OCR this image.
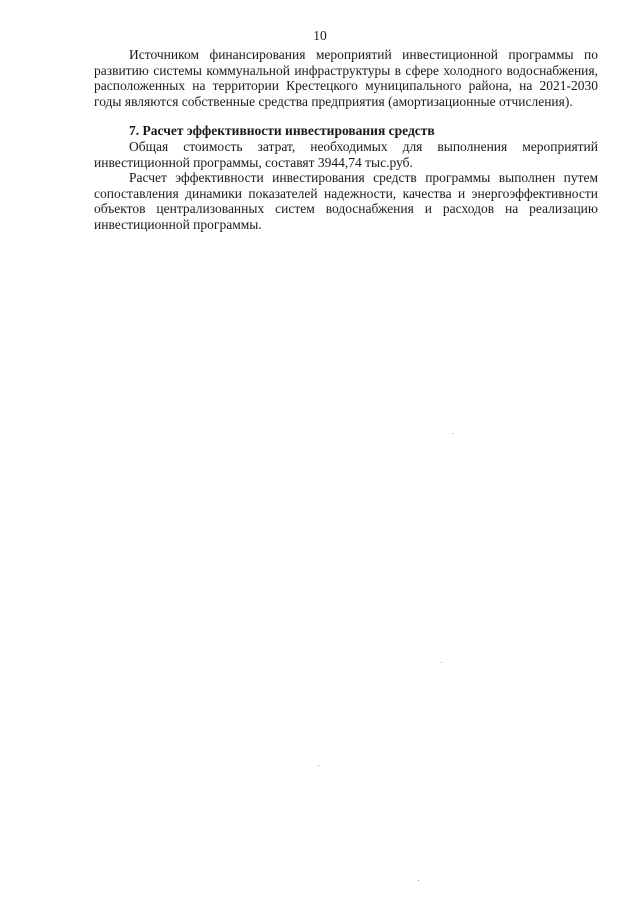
10

Источником финансирования мероприятий инвестиционной программы по развитию системы коммунальной инфраструктуры в сфере холодного водоснабжения, расположенных на территории Крестецкого муниципального района, на 2021-2030 годы являются собственные средства предприятия (амортизационные отчисления).

7. Расчет эффективности инвестирования средств

Общая стоимость затрат, необходимых для выполнения мероприятий инвестиционной программы, составят 3944,74 тыс.руб.

Расчет эффективности инвестирования средств программы выполнен путем сопоставления динамики показателей надежности, качества и энергоэффективности объектов централизованных систем водоснабжения и расходов на реализацию инвестиционной программы.
